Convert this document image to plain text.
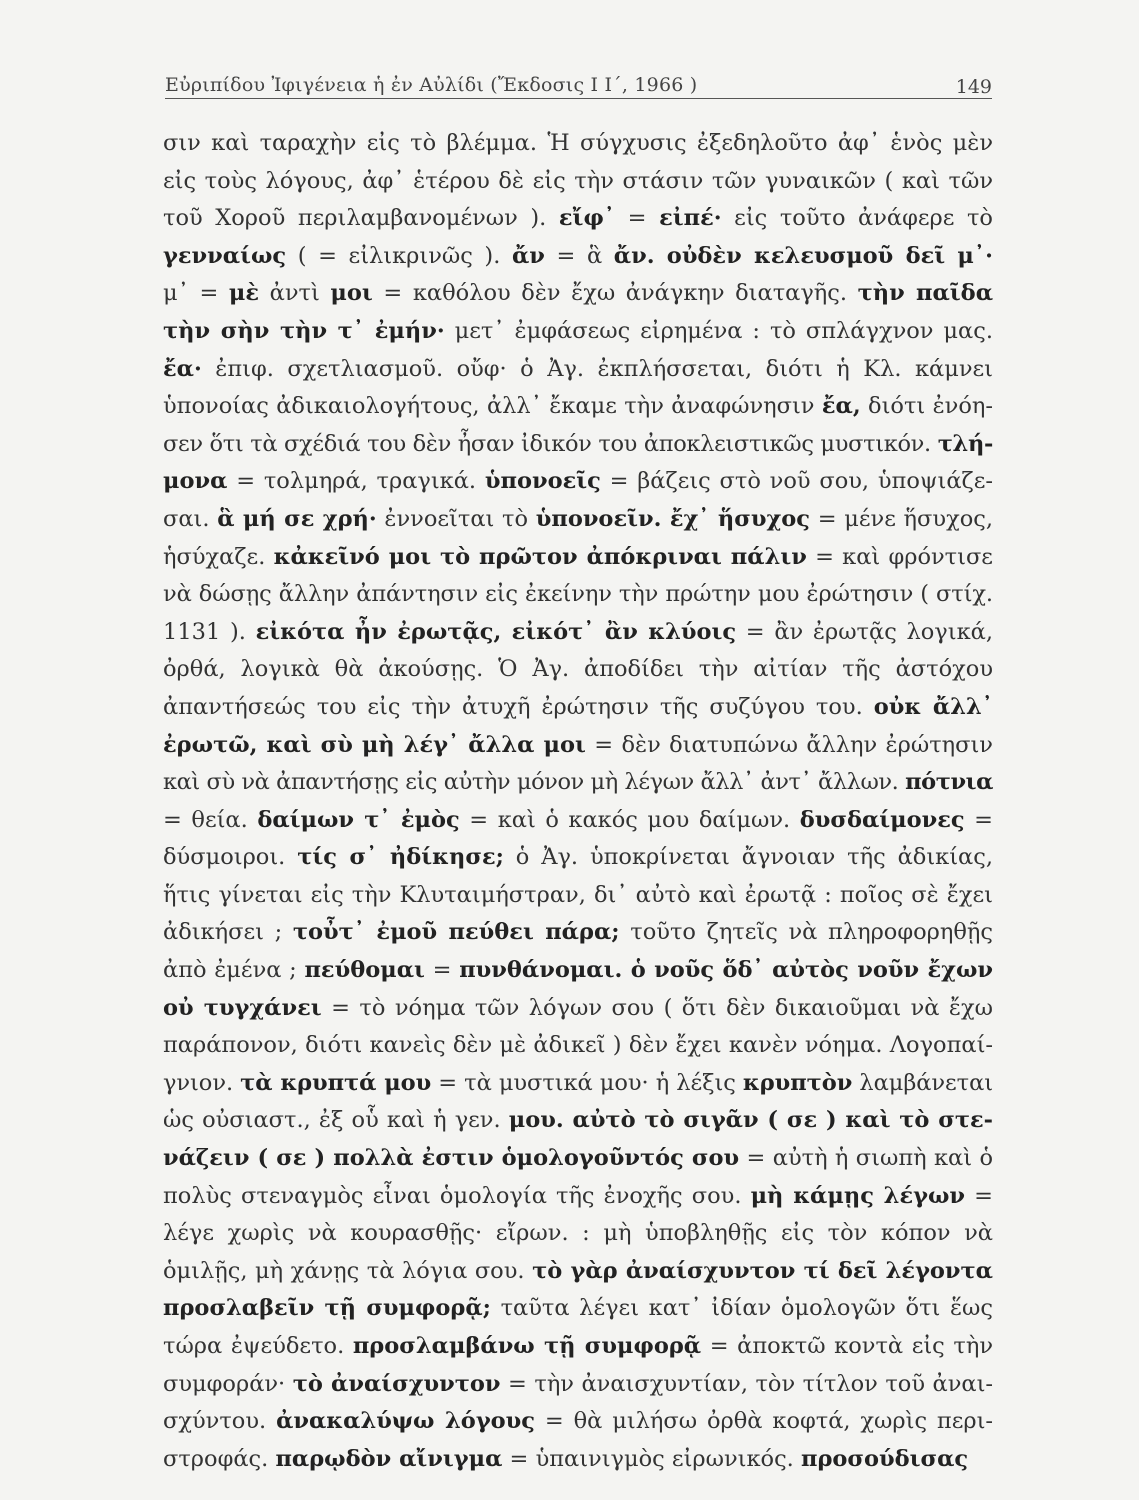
Εὐριπίδου Ἰφιγένεια ἡ ἐν Αὐλίδι (Ἔκδοσις Ι Ι΄, 1966 )	149
σιν καὶ ταραχὴν εἰς τὸ βλέμμα. Ἡ σύγχυσις ἐξεδηλοῦτο ἀφ᾽ ἑνὸς μὲν
εἰς τοὺς λόγους, ἀφ᾽ ἑτέρου δὲ εἰς τὴν στάσιν τῶν γυναικῶν ( καὶ τῶν
τοῦ Χοροῦ περιλαμβανομένων ). εἴφ᾽ = εἰπέ· εἰς τοῦτο ἀνάφερε τὸ
γενναίως ( = εἰλικρινῶς ). ἄν = ἃ ἄν. οὐδὲν κελευσμοῦ δεῖ μ᾽·
μ᾽ = μὲ ἀντὶ μοι = καθόλου δὲν ἔχω ἀνάγκην διαταγῆς. τὴν παῖδα
τὴν σὴν τὴν τ᾽ ἐμήν· μετ᾽ ἐμφάσεως εἰρημένα : τὸ σπλάγχνον μας.
ἔα· ἐπιφ. σχετλιασμοῦ. οὔφ· ὁ Ἀγ. ἐκπλήσσεται, διότι ἡ Κλ. κάμνει
ὑπονοίας ἀδικαιολογήτους, ἀλλ᾽ ἔκαμε τὴν ἀναφώνησιν ἔα, διότι ἐνόη-
σεν ὅτι τὰ σχέδιά του δὲν ἦσαν ἰδικόν του ἀποκλειστικῶς μυστικόν. τλή-
μονα = τολμηρά, τραγικά. ὑπονοεῖς = βάζεις στὸ νοῦ σου, ὑποψιάζε-
σαι. ἃ μή σε χρή· ἐννοεῖται τὸ ὑπονοεῖν. ἔχ᾽ ἥσυχος = μένε ἥσυχος,
ἡσύχαζε. κἀκεῖνό μοι τὸ πρῶτον ἀπόκριναι πάλιν = καὶ φρόντισε
νὰ δώσῃς ἄλλην ἀπάντησιν εἰς ἐκείνην τὴν πρώτην μου ἐρώτησιν ( στίχ.
1131 ). εἰκότα ἦν ἐρωτᾷς, εἰκότ᾽ ἂν κλύοις = ἂν ἐρωτᾷς λογικά,
ὀρθά, λογικὰ θὰ ἀκούσῃς. Ὁ Ἀγ. ἀποδίδει τὴν αἰτίαν τῆς ἀστόχου
ἀπαντήσεώς του εἰς τὴν ἀτυχῆ ἐρώτησιν τῆς συζύγου του. οὐκ ἄλλ᾽
ἐρωτῶ, καὶ σὺ μὴ λέγ᾽ ἄλλα μοι = δὲν διατυπώνω ἄλλην ἐρώτησιν
καὶ σὺ νὰ ἀπαντήσῃς εἰς αὐτὴν μόνον μὴ λέγων ἄλλ᾽ ἀντ᾽ ἄλλων. πότνια
= θεία. δαίμων τ᾽ ἐμὸς = καὶ ὁ κακός μου δαίμων. δυσδαίμονες =
δύσμοιροι. τίς σ᾽ ἠδίκησε; ὁ Ἀγ. ὑποκρίνεται ἄγνοιαν τῆς ἀδικίας,
ἥτις γίνεται εἰς τὴν Κλυταιμήστραν, δι᾽ αὐτὸ καὶ ἐρωτᾷ : ποῖος σὲ ἔχει
ἀδικήσει ; τοὖτ᾽ ἐμοῦ πεύθει πάρα; τοῦτο ζητεῖς νὰ πληροφορηθῇς
ἀπὸ ἐμένα ; πεύθομαι = πυνθάνομαι. ὁ νοῦς ὅδ᾽ αὐτὸς νοῦν ἔχων
οὐ τυγχάνει = τὸ νόημα τῶν λόγων σου ( ὅτι δὲν δικαιοῦμαι νὰ ἔχω
παράπονον, διότι κανεὶς δὲν μὲ ἀδικεῖ ) δὲν ἔχει κανὲν νόημα. Λογοπαί-
γνιον. τὰ κρυπτά μου = τὰ μυστικά μου· ἡ λέξις κρυπτὸν λαμβάνεται
ὡς οὐσιαστ., ἐξ οὗ καὶ ἡ γεν. μου. αὐτὸ τὸ σιγᾶν ( σε ) καὶ τὸ στε-
νάζειν ( σε ) πολλὰ ἐστιν ὁμολογοῦντός σου = αὐτὴ ἡ σιωπὴ καὶ ὁ
πολὺς στεναγμὸς εἶναι ὁμολογία τῆς ἐνοχῆς σου. μὴ κάμῃς λέγων =
λέγε χωρὶς νὰ κουρασθῇς· εἴρων. : μὴ ὑποβληθῇς εἰς τὸν κόπον νὰ
ὁμιλῇς, μὴ χάνῃς τὰ λόγια σου. τὸ γὰρ ἀναίσχυντον τί δεῖ λέγοντα
προσλαβεῖν τῇ συμφορᾷ; ταῦτα λέγει κατ᾽ ἰδίαν ὁμολογῶν ὅτι ἕως
τώρα ἐψεύδετο. προσλαμβάνω τῇ συμφορᾷ = ἀποκτῶ κοντὰ εἰς τὴν
συμφοράν· τὸ ἀναίσχυντον = τὴν ἀναισχυντίαν, τὸν τίτλον τοῦ ἀναι-
σχύντου. ἀνακαλύψω λόγους = θὰ μιλήσω ὀρθὰ κοφτά, χωρὶς περι-
στροφάς. παρῳδὸν αἴνιγμα = ὑπαινιγμὸς εἰρωνικός. προσούδισας
